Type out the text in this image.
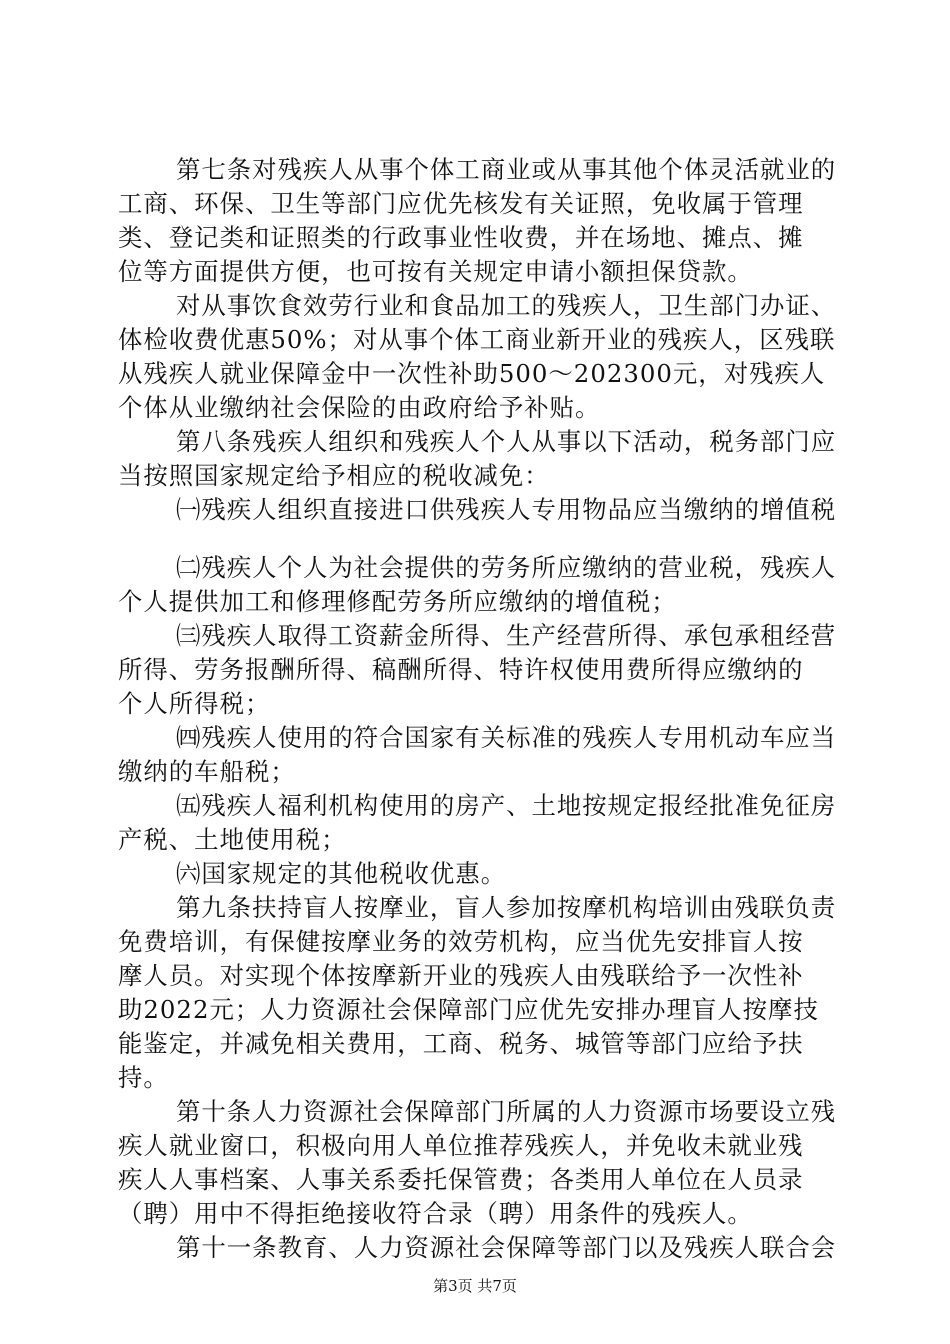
第七条对残疾人从事个体工商业或从事其他个体灵活就业的
工商、环保、卫生等部门应优先核发有关证照，免收属于管理
类、登记类和证照类的行政事业性收费，并在场地、摊点、摊
位等方面提供方便，也可按有关规定申请小额担保贷款。
对从事饮食效劳行业和食品加工的残疾人，卫生部门办证、
体检收费优惠50%；对从事个体工商业新开业的残疾人，区残联
从残疾人就业保障金中一次性补助500～202300元，对残疾人
个体从业缴纳社会保险的由政府给予补贴。
第八条残疾人组织和残疾人个人从事以下活动，税务部门应
当按照国家规定给予相应的税收减免：
㈠残疾人组织直接进口供残疾人专用物品应当缴纳的增值税
㈡残疾人个人为社会提供的劳务所应缴纳的营业税，残疾人
个人提供加工和修理修配劳务所应缴纳的增值税；
㈢残疾人取得工资薪金所得、生产经营所得、承包承租经营
所得、劳务报酬所得、稿酬所得、特许权使用费所得应缴纳的
个人所得税；
㈣残疾人使用的符合国家有关标准的残疾人专用机动车应当
缴纳的车船税；
㈤残疾人福利机构使用的房产、土地按规定报经批准免征房
产税、土地使用税；
㈥国家规定的其他税收优惠。
第九条扶持盲人按摩业，盲人参加按摩机构培训由残联负责
免费培训，有保健按摩业务的效劳机构，应当优先安排盲人按
摩人员。对实现个体按摩新开业的残疾人由残联给予一次性补
助2022元；人力资源社会保障部门应优先安排办理盲人按摩技
能鉴定，并减免相关费用，工商、税务、城管等部门应给予扶
持。
第十条人力资源社会保障部门所属的人力资源市场要设立残
疾人就业窗口，积极向用人单位推荐残疾人，并免收未就业残
疾人人事档案、人事关系委托保管费；各类用人单位在人员录
（聘）用中不得拒绝接收符合录（聘）用条件的残疾人。
第十一条教育、人力资源社会保障等部门以及残疾人联合会
第3页 共7页
